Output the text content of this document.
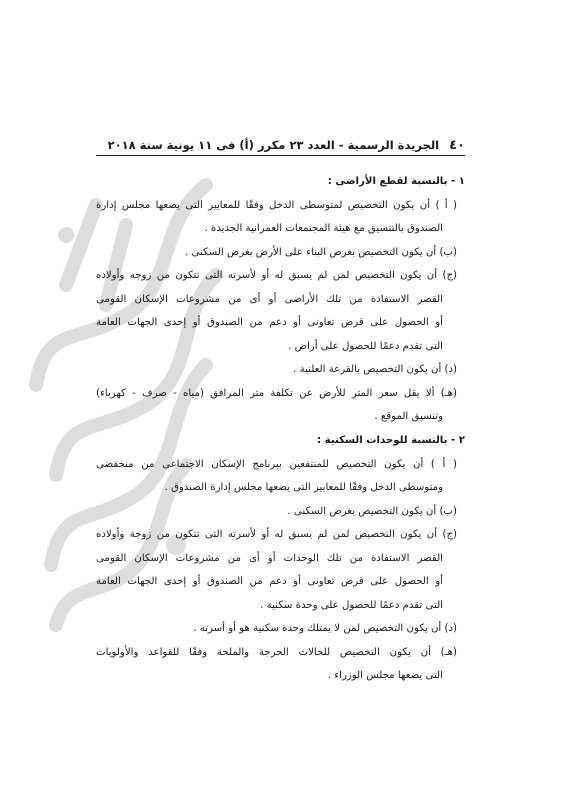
٤٠
الجريدة الرسمية - العدد ٢٣ مكرر (أ) فى ١١ يونية سنة ٢٠١٨
١ - بالنسبة لقطع الأراضى :
( أ ) أن يكون التخصيص لمتوسطى الدخل وفقًا للمعايير التى يضعها مجلس إدارة
الصندوق بالتنسيق مع هيئة المجتمعات العمرانية الجديدة .
(ب) أن يكون التخصيص بغرض البناء على الأرض بغرض السكنى .
(ج) أن يكون التخصيص لمن لم يسبق له أو لأسرته التى تتكون من زوجه وأولاده
القصر الاستفادة من تلك الأراضى أو أى من مشروعات الإسكان القومى
أو الحصول على قرض تعاونى أو دعم من الصندوق أو إحدى الجهات العامة
التى تقدم دعمًا للحصول على أراض .
(د) أن يكون التخصيص بالقرعة العلنية .
(هـ) ألا يقل سعر المتر للأرض عن تكلفة متر المرافق (مياه - صرف - كهرباء)
وتنسيق الموقع .
٢ - بالنسبة للوحدات السكنية :
( أ ) أن يكون التخصيص للمنتفعين ببرنامج الإسكان الاجتماعى من منخفضى
ومتوسطى الدخل وفقًا للمعايير التى يضعها مجلس إدارة الصندوق .
(ب) أن يكون التخصيص بغرض السكنى .
(ج) أن يكون التخصيص لمن لم يسبق له أو لأسرته التى تتكون من زوجة وأولاده
القصر الاستفادة من تلك الوحدات أو أى من مشروعات الإسكان القومى
أو الحصول على قرض تعاونى أو دعم من الصندوق أو إحدى الجهات العامة
التى تقدم دعمًا للحصول على وحدة سكنية .
(د) أن يكون التخصيص لمن لا يمتلك وحدة سكنية هو أو أسرته .
(هـ) أن يكون التخصيص للحالات الحرجة والملحة وفقًا للقواعد والأولويات
التى يضعها مجلس الوزراء .
